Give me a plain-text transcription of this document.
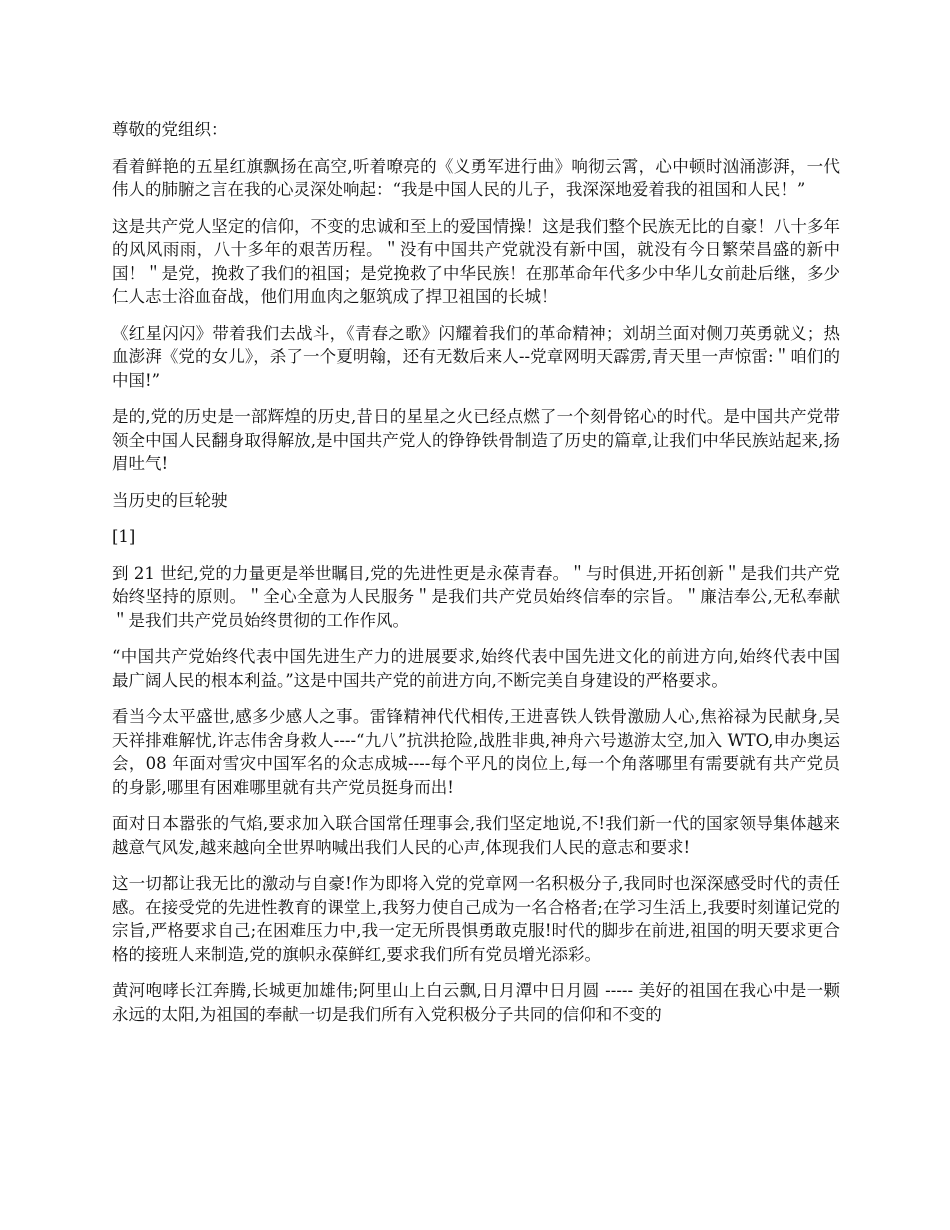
尊敬的党组织：

看着鲜艳的五星红旗飘扬在高空,听着嘹亮的《义勇军进行曲》响彻云霄，心中顿时汹涌澎湃，一代伟人的肺腑之言在我的心灵深处响起：“我是中国人民的儿子，我深深地爱着我的祖国和人民！”

这是共产党人坚定的信仰，不变的忠诚和至上的爱国情操！这是我们整个民族无比的自豪！八十多年的风风雨雨，八十多年的艰苦历程。＂没有中国共产党就没有新中国，就没有今日繁荣昌盛的新中国！＂是党，挽救了我们的祖国；是党挽救了中华民族！在那革命年代多少中华儿女前赴后继，多少仁人志士浴血奋战，他们用血肉之躯筑成了捍卫祖国的长城！

《红星闪闪》带着我们去战斗，《青春之歌》闪耀着我们的革命精神；刘胡兰面对侧刀英勇就义；热血澎湃《党的女儿》，杀了一个夏明翰，还有无数后来人--党章网明天霹雳,青天里一声惊雷:＂咱们的中国!”

是的,党的历史是一部辉煌的历史,昔日的星星之火已经点燃了一个刻骨铭心的时代。是中国共产党带领全中国人民翻身取得解放,是中国共产党人的铮铮铁骨制造了历史的篇章,让我们中华民族站起来,扬眉吐气!

当历史的巨轮驶

[1]

到 21 世纪,党的力量更是举世瞩目,党的先进性更是永葆青春。＂与时俱进,开拓创新＂是我们共产党始终坚持的原则。＂全心全意为人民服务＂是我们共产党员始终信奉的宗旨。＂廉洁奉公,无私奉献＂是我们共产党员始终贯彻的工作作风。

“中国共产党始终代表中国先进生产力的进展要求,始终代表中国先进文化的前进方向,始终代表中国最广阔人民的根本利益。”这是中国共产党的前进方向,不断完美自身建设的严格要求。

看当今太平盛世,感多少感人之事。雷锋精神代代相传,王进喜铁人铁骨激励人心,焦裕禄为民献身,吴天祥排难解忧,许志伟舍身救人----“九八”抗洪抢险,战胜非典,神舟六号遨游太空,加入 WTO,申办奥运会，08 年面对雪灾中国军名的众志成城----每个平凡的岗位上,每一个角落哪里有需要就有共产党员的身影,哪里有困难哪里就有共产党员挺身而出!

面对日本嚣张的气焰,要求加入联合国常任理事会,我们坚定地说,不!我们新一代的国家领导集体越来越意气风发,越来越向全世界呐喊出我们人民的心声,体现我们人民的意志和要求!

这一切都让我无比的激动与自豪!作为即将入党的党章网一名积极分子,我同时也深深感受时代的责任感。在接受党的先进性教育的课堂上,我努力使自己成为一名合格者;在学习生活上,我要时刻谨记党的宗旨,严格要求自己;在困难压力中,我一定无所畏惧勇敢克服!时代的脚步在前进,祖国的明天要求更合格的接班人来制造,党的旗帜永葆鲜红,要求我们所有党员增光添彩。

黄河咆哮长江奔腾,长城更加雄伟;阿里山上白云飘,日月潭中日月圆 ----- 美好的祖国在我心中是一颗永远的太阳,为祖国的奉献一切是我们所有入党积极分子共同的信仰和不变的
